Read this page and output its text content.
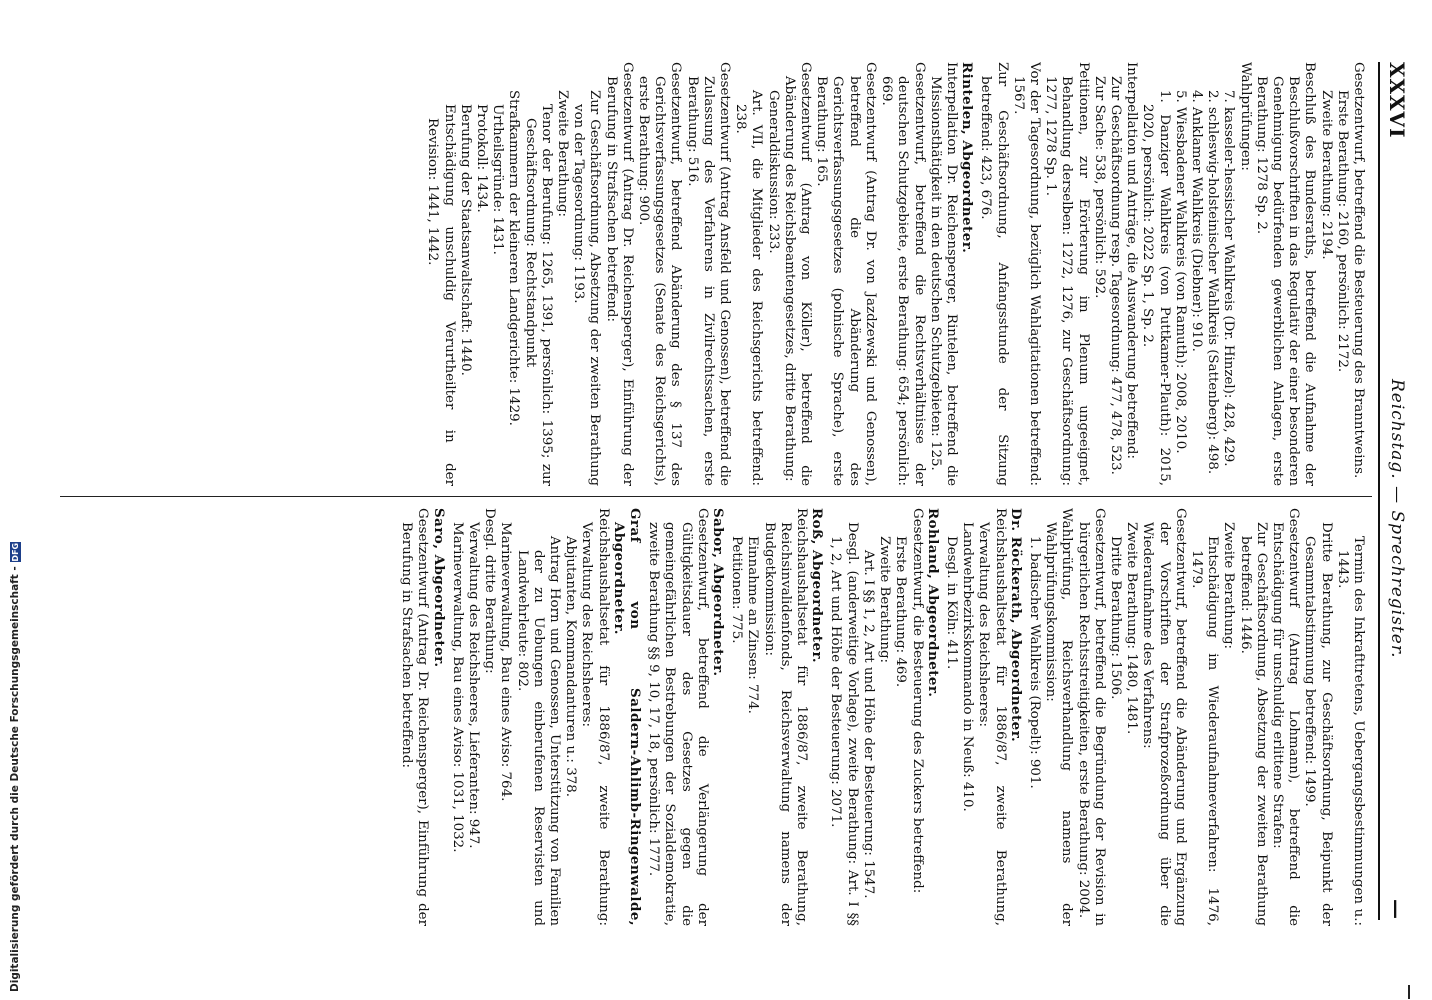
XXXVI
Reichstag. — Sprechregister.
—

Gesetzentwurf, betreffend die Besteuerung des Branntweins.

Erste Berathung: 2160, persönlich: 2172.

Zweite Berathung: 2194.

Beschluß des Bundesraths, betreffend die Aufnahme der Beschlußvorschriften in das Regulativ der einer besonderen Genehmigung bedürfenden gewerblichen Anlagen, erste Berathung: 1278 Sp. 2.

Wahlprüfungen:

7. kasseler-hessischer Wahlkreis (Dr. Hinzel): 428, 429.

2. schleswig-holsteinischer Wahlkreis (Sattenberg): 498.

4. Anklamer Wahlkreis (Diebner): 910.

5. Wiesbadener Wahlkreis (von Ramuth): 2008, 2010.

1. Danziger Wahlkreis (von Puttkamer-Plauth): 2015, 2020, persönlich: 2022 Sp. 1, Sp. 2.

Interpellation und Anträge, die Auswanderung betreffend:

Zur Geschäftsordnung resp. Tagesordnung: 477, 478, 523.

Zur Sache: 538, persönlich: 592.

Petitionen, zur Erörterung im Plenum ungeeignet, Behandlung derselben: 1272, 1276, zur Geschäftsordnung: 1277, 1278 Sp. 1.

Vor der Tagesordnung, bezüglich Wahlagitationen betreffend: 1567.

Zur Geschäftsordnung, Anfangsstunde der Sitzung betreffend: 423, 676.

Rintelen, Abgeordneter.

Interpellation Dr. Reichensperger, Rintelen, betreffend die Missionsthätigkeit in den deutschen Schutzgebieten: 125.

Gesetzentwurf, betreffend die Rechtsverhältnisse der deutschen Schutzgebiete, erste Berathung: 654; persönlich: 669.

Gesetzentwurf (Antrag Dr. von Jazdzewski und Genossen), betreffend die Abänderung des Gerichtsverfassungsgesetzes (polnische Sprache), erste Berathung: 165.

Gesetzentwurf (Antrag von Köller), betreffend die Abänderung des Reichsbeamtengesetzes, dritte Berathung:

Generaldiskussion: 233.

Art. VII, die Mitglieder des Reichsgerichts betreffend: 238.

Gesetzentwurf (Antrag Ansfeld und Genossen), betreffend die Zulassung des Verfahrens in Zivilrechtssachen, erste Berathung: 516.

Gesetzentwurf, betreffend Abänderung des § 137 des Gerichtsverfassungsgesetzes (Senate des Reichsgerichts), erste Berathung: 900.

Gesetzentwurf (Antrag Dr. Reichensperger), Einführung der Berufung in Strafsachen betreffend:

Zur Geschäftsordnung, Absetzung der zweiten Berathung von der Tagesordnung: 1193.

Zweite Berathung:

Tenor der Berufung: 1265, 1391, persönlich: 1395; zur Geschäftsordnung: Rechtstandpunkt

Strafkammern der kleineren Landgerichte: 1429.

Urtheilsgründe: 1431.

Protokoll: 1434.

Berufung der Staatsanwaltschaft: 1440.

Entschädigung unschuldig Verurtheilter in der Revision: 1441, 1442.

Termin des Inkrafttretens, Uebergangsbestimmungen u.: 1443.

Dritte Berathung, zur Geschäftsordnung, Beipunkt der Gesammtabstimmung betreffend: 1499.

Gesetzentwurf (Antrag Lohmann), betreffend die Entschädigung für unschuldig erlittene Strafen:

Zur Geschäftsordnung, Absetzung der zweiten Berathung betreffend: 1446.

Zweite Berathung:

Entschädigung im Wiederaufnahmeverfahren: 1476, 1479.

Gesetzentwurf, betreffend die Abänderung und Ergänzung der Vorschriften der Strafprozeßordnung über die Wiederaufnahme des Verfahrens:

Zweite Berathung: 1480, 1481.

Dritte Berathung: 1506.

Gesetzentwurf, betreffend die Begründung der Revision in bürgerlichen Rechtsstreitigkeiten, erste Berathung: 2004.

Wahlprüfung, Reichsverhandlung namens der Wahlprüfungskommission:

1. badischer Wahlkreis (Ropelt): 901.

Dr. Röckerath, Abgeordneter.

Reichshaushaltsetat für 1886/87, zweite Berathung, Verwaltung des Reichsheeres:

Landwehrbezirkskommando in Neuß: 410.

Desgl. in Köln: 411.

Rohland, Abgeordneter.

Gesetzentwurf, die Besteuerung des Zuckers betreffend:

Erste Berathung: 469.

Zweite Berathung:

Art. I §§ 1, 2, Art und Höhe der Besteuerung: 1547.

Desgl. (anderweitige Vorlage), zweite Berathung: Art. I §§ 1, 2, Art und Höhe der Besteuerung: 2071.

Roß, Abgeordneter.

Reichshaushaltsetat für 1886/87, zweite Berathung, Reichsinvalidenfonds, Reichsverwaltung namens der Budgetkommission:

Einnahme an Zinsen: 774.

Petitionen: 775.

Sabor, Abgeordneter.

Gesetzentwurf, betreffend die Verlängerung der Gültigkeitsdauer des Gesetzes gegen die gemeingefährlichen Bestrebungen der Sozialdemokratie, zweite Berathung §§ 9, 10, 17, 18, persönlich: 1777.

Graf von Saldern-Ahlimb-Ringenwalde, Abgeordneter.

Reichshaushaltsetat für 1886/87, zweite Berathung: Verwaltung des Reichsheeres:

Abjutanten, Kommandanturen u.: 378.

Antrag Horn und Genossen, Unterstützung von Familien der zu Uebungen einberufenen Reservisten und Landwehrleute: 802.

Marineverwaltung, Bau eines Aviso: 764.

Desgl. dritte Berathung:

Verwaltung des Reichsheeres, Lieferanten: 947.

Marineverwaltung, Bau eines Aviso: 1031, 1032.

Saro, Abgeordneter.

Gesetzentwurf (Antrag Dr. Reichensperger), Einführung der Berufung in Strafsachen betreffend:

Digitalisierung gefördert durch die Deutsche Forschungsgemeinschaft -
DFG
